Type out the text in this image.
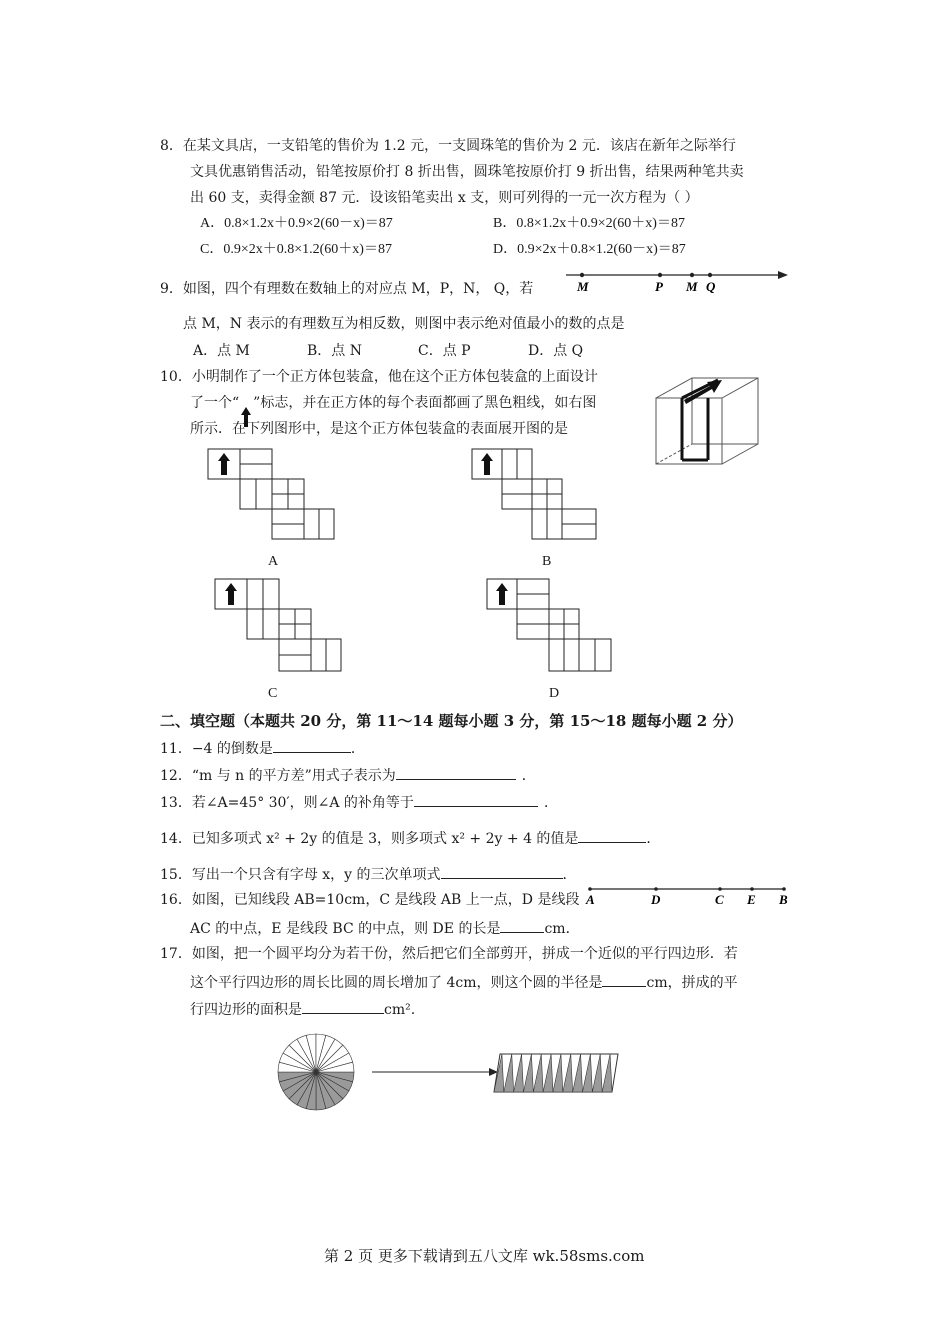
8．在某文具店，一支铅笔的售价为 1.2 元，一支圆珠笔的售价为 2 元．该店在新年之际举行
文具优惠销售活动，铅笔按原价打 8 折出售，圆珠笔按原价打 9 折出售，结果两种笔共卖
出 60 支，卖得金额 87 元．设该铅笔卖出 x 支，则可列得的一元一次方程为（ ）
A．0.8×1.2x＋0.9×2(60－x)＝87	B．0.8×1.2x＋0.9×2(60＋x)＝87
C．0.9×2x＋0.8×1.2(60＋x)＝87	D．0.9×2x＋0.8×1.2(60－x)＝87
9．如图，四个有理数在数轴上的对应点 M，P，N， Q，若	M	P M Q
点 M，N 表示的有理数互为相反数，则图中表示绝对值最小的数的点是
A．点 M	B．点 N	C．点 P	D．点 Q
10．小明制作了一个正方体包装盒，他在这个正方体包装盒的上面设计
了一个“ ”标志，并在正方体的每个表面都画了黑色粗线，如右图
所示．在下列图形中，是这个正方体包装盒的表面展开图的是
A	B
C	D
二、填空题（本题共 20 分，第 11～14 题每小题 3 分，第 15～18 题每小题 2 分）
11．−4 的倒数是	．
12．“m 与 n 的平方差”用式子表示为	．
13．若∠A=45° 30′，则∠A 的补角等于	．
14．已知多项式 x² + 2y 的值是 3，则多项式 x² + 2y + 4 的值是	．
15．写出一个只含有字母 x，y 的三次单项式	．
16．如图，已知线段 AB=10cm，C 是线段 AB 上一点，D 是线段 A	D	C E B
AC 的中点，E 是线段 BC 的中点，则 DE 的长是	cm．
17．如图，把一个圆平均分为若干份，然后把它们全部剪开，拼成一个近似的平行四边形．若
这个平行四边形的周长比圆的周长增加了 4cm，则这个圆的半径是	cm，拼成的平
行四边形的面积是	cm².
第 2 页 更多下载请到五八文库 wk.58sms.com
